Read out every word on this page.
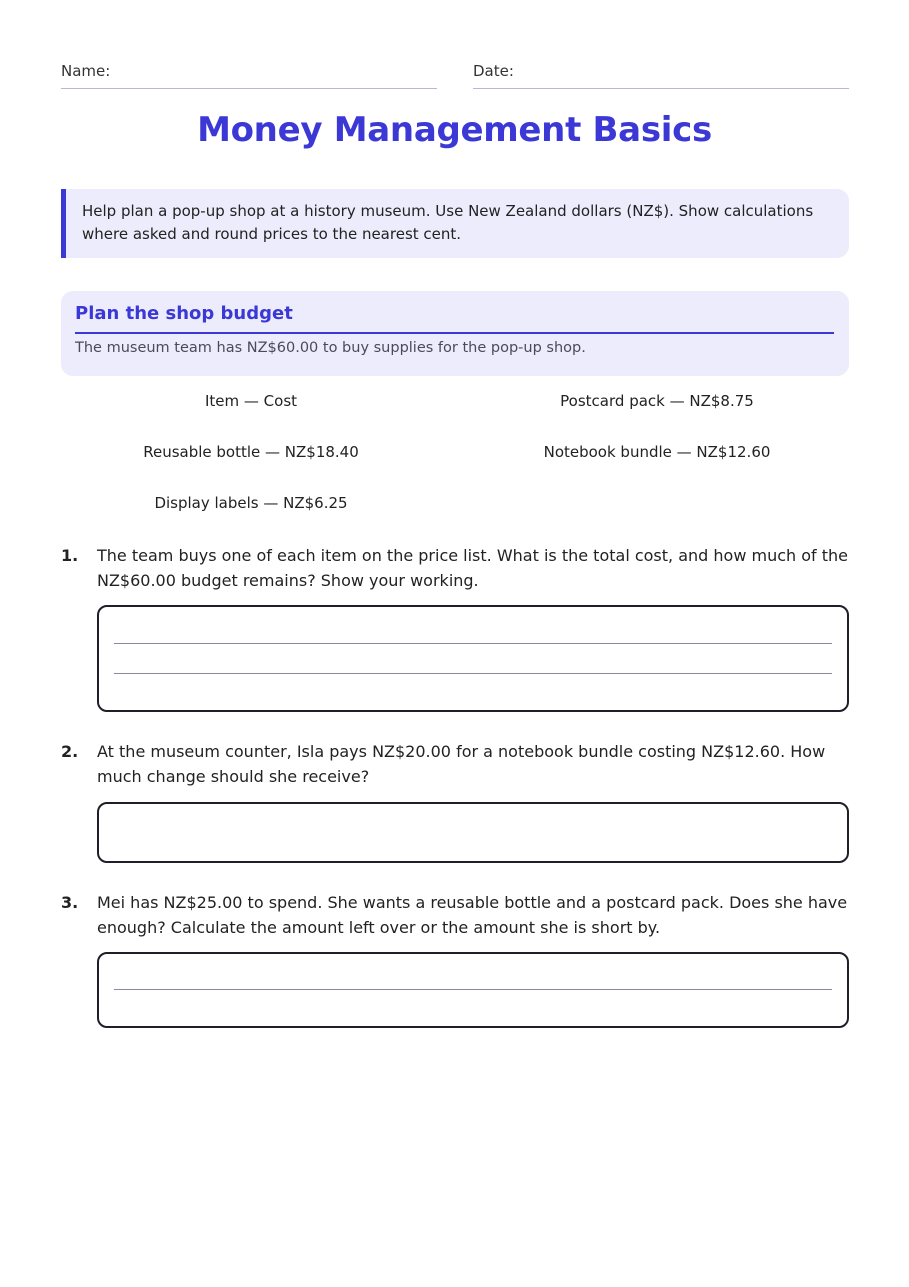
Name:	Date:
Money Management Basics
Help plan a pop-up shop at a history museum. Use New Zealand dollars (NZ$). Show calculations where asked and round prices to the nearest cent.
Plan the shop budget
The museum team has NZ$60.00 to buy supplies for the pop-up shop.
Item — Cost	Postcard pack — NZ$8.75
Reusable bottle — NZ$18.40	Notebook bundle — NZ$12.60
Display labels — NZ$6.25
1. The team buys one of each item on the price list. What is the total cost, and how much of the NZ$60.00 budget remains? Show your working.
2. At the museum counter, Isla pays NZ$20.00 for a notebook bundle costing NZ$12.60. How much change should she receive?
3. Mei has NZ$25.00 to spend. She wants a reusable bottle and a postcard pack. Does she have enough? Calculate the amount left over or the amount she is short by.
